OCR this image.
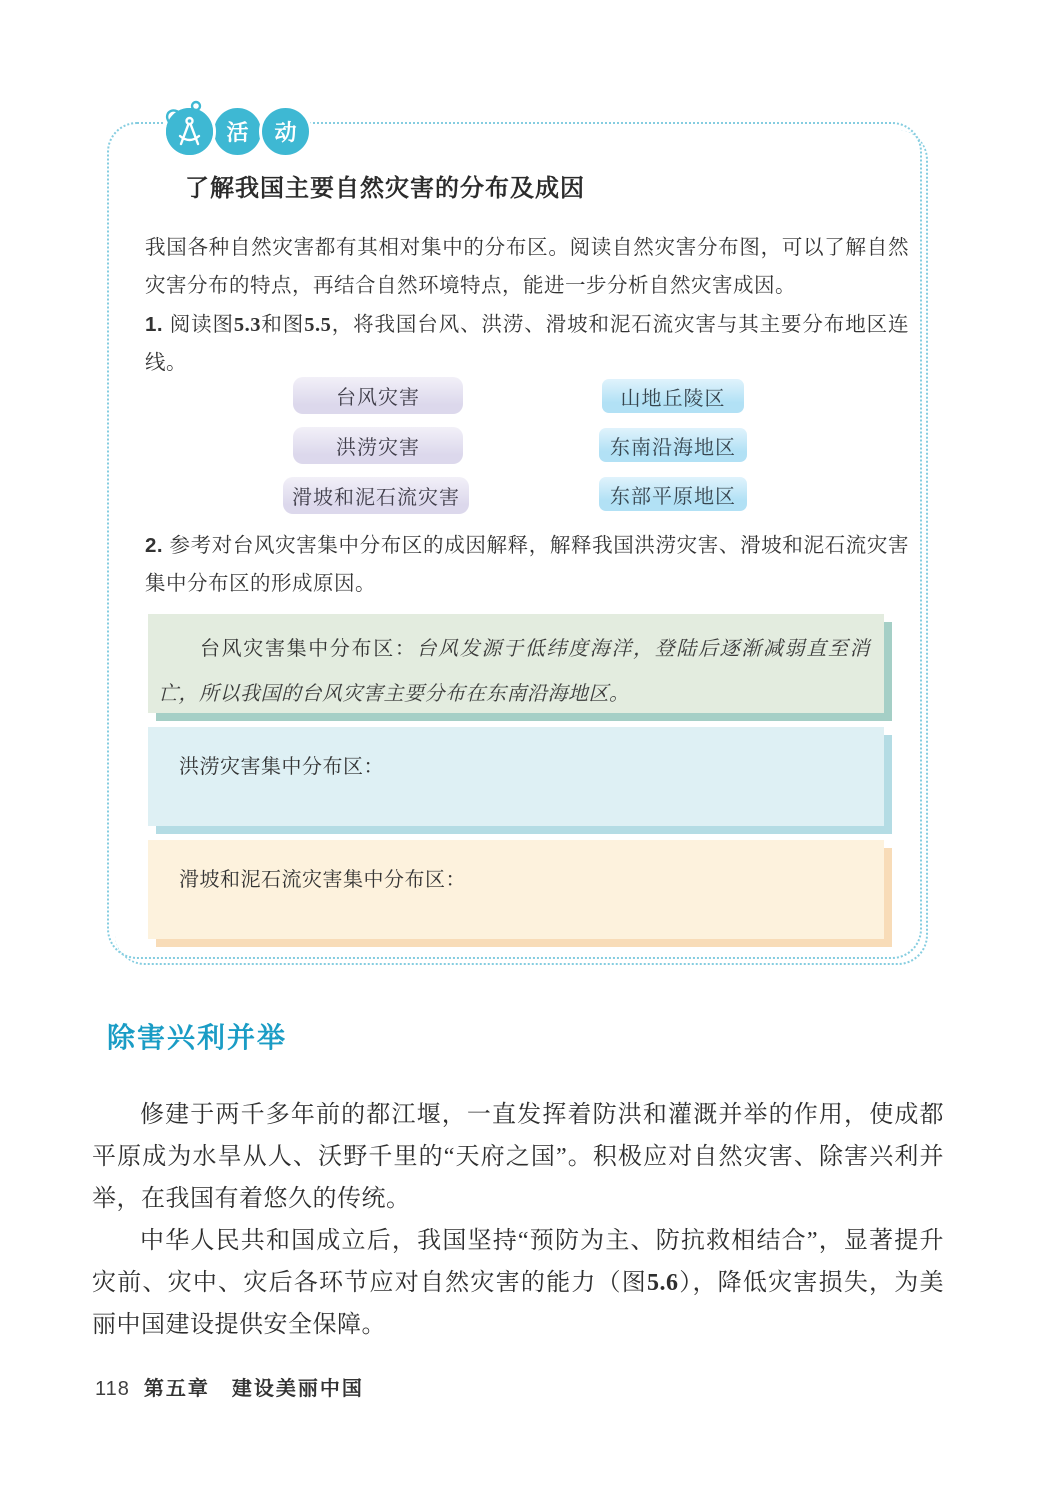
活	动
了解我国主要自然灾害的分布及成因

我国各种自然灾害都有其相对集中的分布区。阅读自然灾害分布图，可以了解自然灾害分布的特点，再结合自然环境特点，能进一步分析自然灾害成因。

1. 阅读图5.3和图5.5，将我国台风、洪涝、滑坡和泥石流灾害与其主要分布地区连线。

台风灾害
洪涝灾害
滑坡和泥石流灾害
山地丘陵区
东南沿海地区
东部平原地区

2. 参考对台风灾害集中分布区的成因解释，解释我国洪涝灾害、滑坡和泥石流灾害集中分布区的形成原因。

台风灾害集中分布区：台风发源于低纬度海洋，登陆后逐渐减弱直至消亡，所以我国的台风灾害主要分布在东南沿海地区。

洪涝灾害集中分布区：

滑坡和泥石流灾害集中分布区：

除害兴利并举

修建于两千多年前的都江堰，一直发挥着防洪和灌溉并举的作用，使成都平原成为水旱从人、沃野千里的“天府之国”。积极应对自然灾害、除害兴利并举，在我国有着悠久的传统。

中华人民共和国成立后，我国坚持“预防为主、防抗救相结合”，显著提升灾前、灾中、灾后各环节应对自然灾害的能力（图5.6），降低灾害损失，为美丽中国建设提供安全保障。

118 第五章　建设美丽中国
